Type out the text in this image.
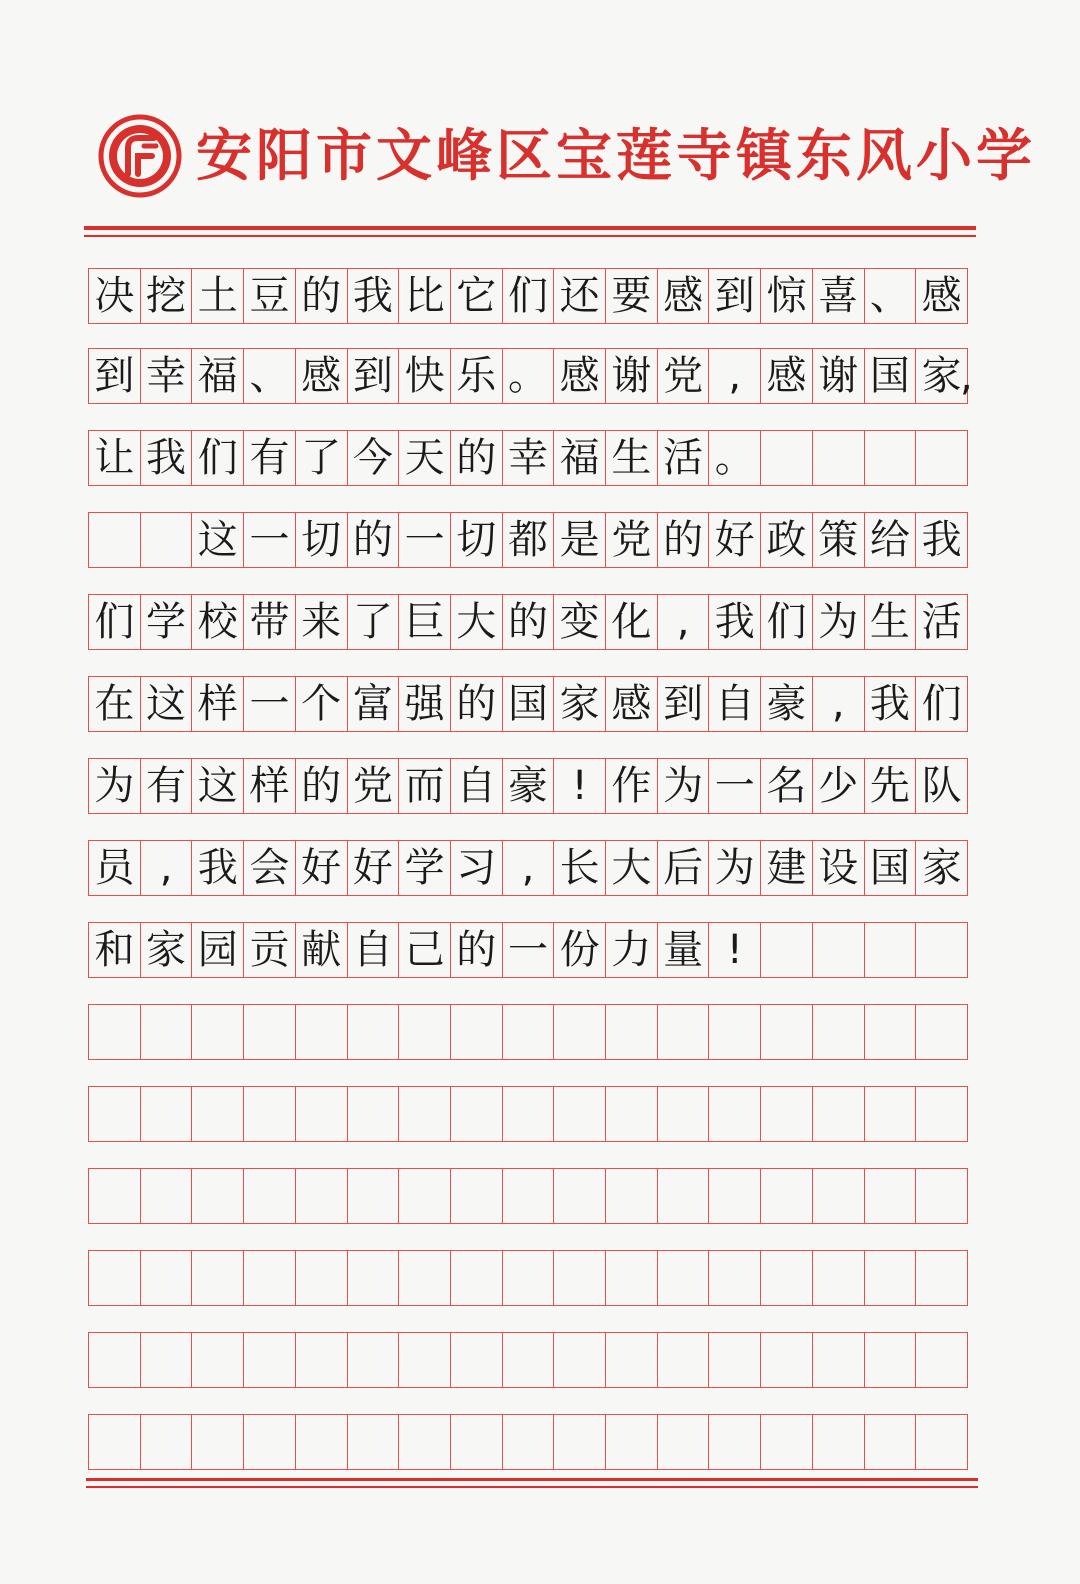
安阳市文峰区宝莲寺镇东风小学
决 挖 土 豆 的 我 比 它 们 还 要 感 到 惊 喜 、 感
到 幸 福 、 感 到 快 乐 。 感 谢 党 , 感 谢 国 家
,
让 我 们 有 了 今 天 的 幸 福 生 活 。
这 一 切 的 一 切 都 是 党 的 好 政 策 给 我
们 学 校 带 来 了 巨 大 的 变 化 , 我 们 为 生 活
在 这 样 一 个 富 强 的 国 家 感 到 自 豪 , 我 们
为 有 这 样 的 党 而 自 豪 ! 作 为 一 名 少 先 队
员 , 我 会 好 好 学 习 , 长 大 后 为 建 设 国 家
和 家 园 贡 献 自 己 的 一 份 力 量 !
